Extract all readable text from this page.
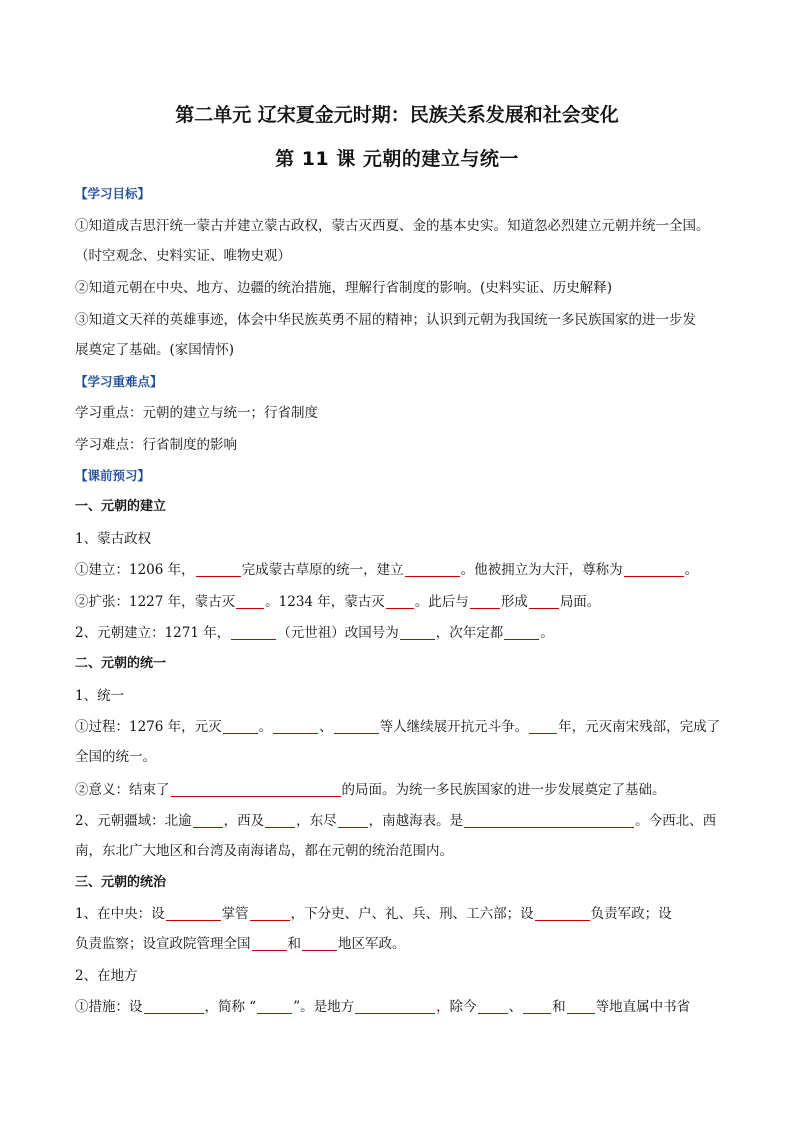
第二单元 辽宋夏金元时期：民族关系发展和社会变化
第 11 课 元朝的建立与统一
【学习目标】
①知道成吉思汗统一蒙古并建立蒙古政权，蒙古灭西夏、金的基本史实。知道忽必烈建立元朝并统一全国。
（时空观念、史料实证、唯物史观）
②知道元朝在中央、地方、边疆的统治措施，理解行省制度的影响。(史料实证、历史解释)
③知道文天祥的英雄事迹，体会中华民族英勇不屈的精神；认识到元朝为我国统一多民族国家的进一步发
展奠定了基础。(家国情怀)
【学习重难点】
学习重点：元朝的建立与统一；行省制度
学习难点：行省制度的影响
【课前预习】
一、元朝的建立
1、蒙古政权
①建立：1206 年，	完成蒙古草原的统一，建立	。他被拥立为大汗，尊称为	。
②扩张：1227 年，蒙古灭 。1234 年，蒙古灭 。此后与 形成 局面。
2、元朝建立：1271 年，	（元世祖）改国号为	，次年定都	。
二、元朝的统一
1、统一
①过程：1276 年，元灭	。	、	等人继续展开抗元斗争。 年，元灭南宋残部，完成了
全国的统一。
②意义：结束了	的局面。为统一多民族国家的进一步发展奠定了基础。
2、元朝疆域：北逾 ，西及 ，东尽 ，南越海表。是	。今西北、西
南，东北广大地区和台湾及南海诸岛，都在元朝的统治范围内。
三、元朝的统治
1、在中央：设	掌管	，下分吏、户、礼、兵、刑、工六部；设	负责军政；设
负责监察；设宣政院管理全国	和	地区军政。
2、在地方
①措施：设	，简称 “	”。是地方	，除今 、 和 等地直属中书省
